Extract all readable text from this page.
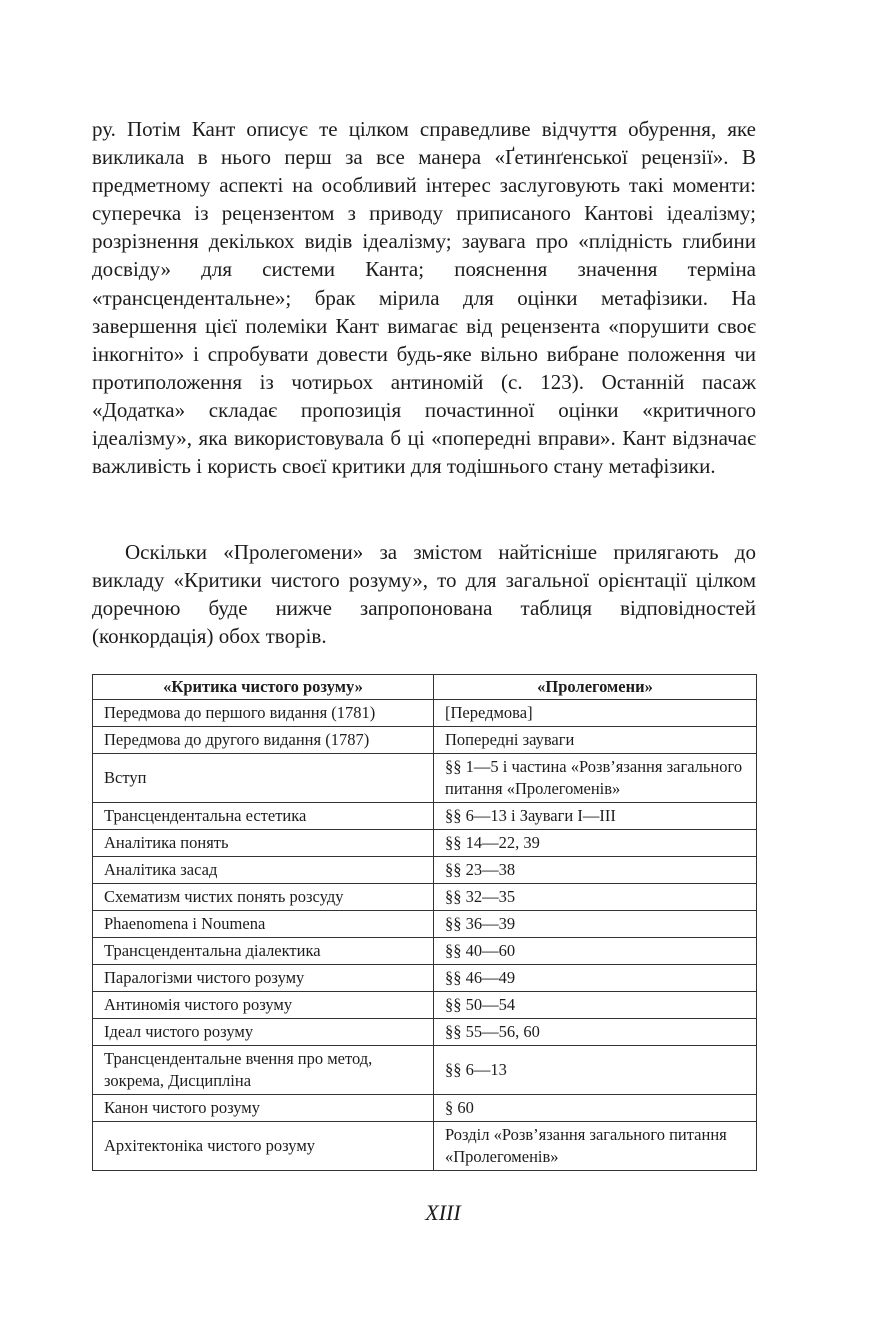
ру. Потім Кант описує те цілком справедливе відчуття обурення, яке викликала в нього перш за все манера «Ґетинґенської рецензії». В предметному аспекті на особливий інтерес заслуговують такі моменти: суперечка із рецензентом з приводу приписаного Кантові ідеалізму; розрізнення декількох видів ідеалізму; заувага про «плідність глибини досвіду» для системи Канта; пояснення значення терміна «трансцендентальне»; брак мірила для оцінки метафізики. На завершення цієї полеміки Кант вимагає від рецензента «порушити своє інкогніто» і спробувати довести будь-яке вільно вибране положення чи протиположення із чотирьох антиномій (с. 123). Останній пасаж «Додатка» складає пропозиція почастинної оцінки «критичного ідеалізму», яка використовувала б ці «попередні вправи». Кант відзначає важливість і користь своєї критики для тодішнього стану метафізики.

Оскільки «Пролегомени» за змістом найтісніше прилягають до викладу «Критики чистого розуму», то для загальної орієнтації цілком доречною буде нижче запропонована таблиця відповідностей (конкордація) обох творів.

«Критика чистого розуму»	«Пролегомени»
Передмова до першого видання (1781)	[Передмова]
Передмова до другого видання (1787)	Попередні зауваги
Вступ	§§ 1—5 і частина «Розв’язання загального питання «Пролегоменів»
Трансцендентальна естетика	§§ 6—13 і Зауваги I—III
Аналітика понять	§§ 14—22, 39
Аналітика засад	§§ 23—38
Схематизм чистих понять розсуду	§§ 32—35
Phaenomena і Noumena	§§ 36—39
Трансцендентальна діалектика	§§ 40—60
Паралогізми чистого розуму	§§ 46—49
Антиномія чистого розуму	§§ 50—54
Ідеал чистого розуму	§§ 55—56, 60
Трансцендентальне вчення про метод, зокрема, Дисципліна	§§ 6—13
Канон чистого розуму	§ 60
Архітектоніка чистого розуму	Розділ «Розв’язання загального питання «Пролегоменів»
XIII
